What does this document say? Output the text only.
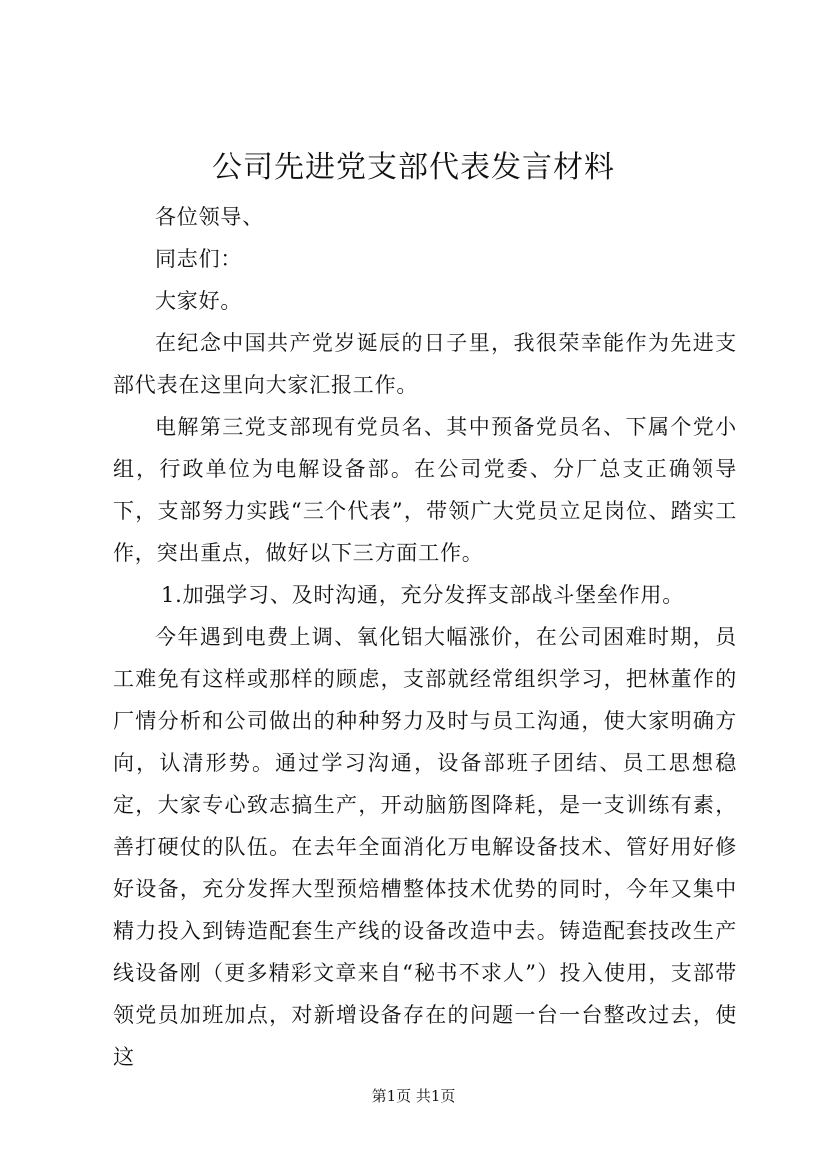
公司先进党支部代表发言材料

各位领导、

同志们：

大家好。

在纪念中国共产党岁诞辰的日子里，我很荣幸能作为先进支部代表在这里向大家汇报工作。

电解第三党支部现有党员名、其中预备党员名、下属个党小组，行政单位为电解设备部。在公司党委、分厂总支正确领导下，支部努力实践“三个代表”，带领广大党员立足岗位、踏实工作，突出重点，做好以下三方面工作。

1.加强学习、及时沟通，充分发挥支部战斗堡垒作用。

今年遇到电费上调、氧化铝大幅涨价，在公司困难时期，员工难免有这样或那样的顾虑，支部就经常组织学习，把林董作的厂情分析和公司做出的种种努力及时与员工沟通，使大家明确方向，认清形势。通过学习沟通，设备部班子团结、员工思想稳定，大家专心致志搞生产，开动脑筋图降耗，是一支训练有素，善打硬仗的队伍。在去年全面消化万电解设备技术、管好用好修好设备，充分发挥大型预焙槽整体技术优势的同时，今年又集中精力投入到铸造配套生产线的设备改造中去。铸造配套技改生产线设备刚（更多精彩文章来自“秘书不求人”）投入使用，支部带领党员加班加点，对新增设备存在的问题一台一台整改过去，使这

第1页 共1页
